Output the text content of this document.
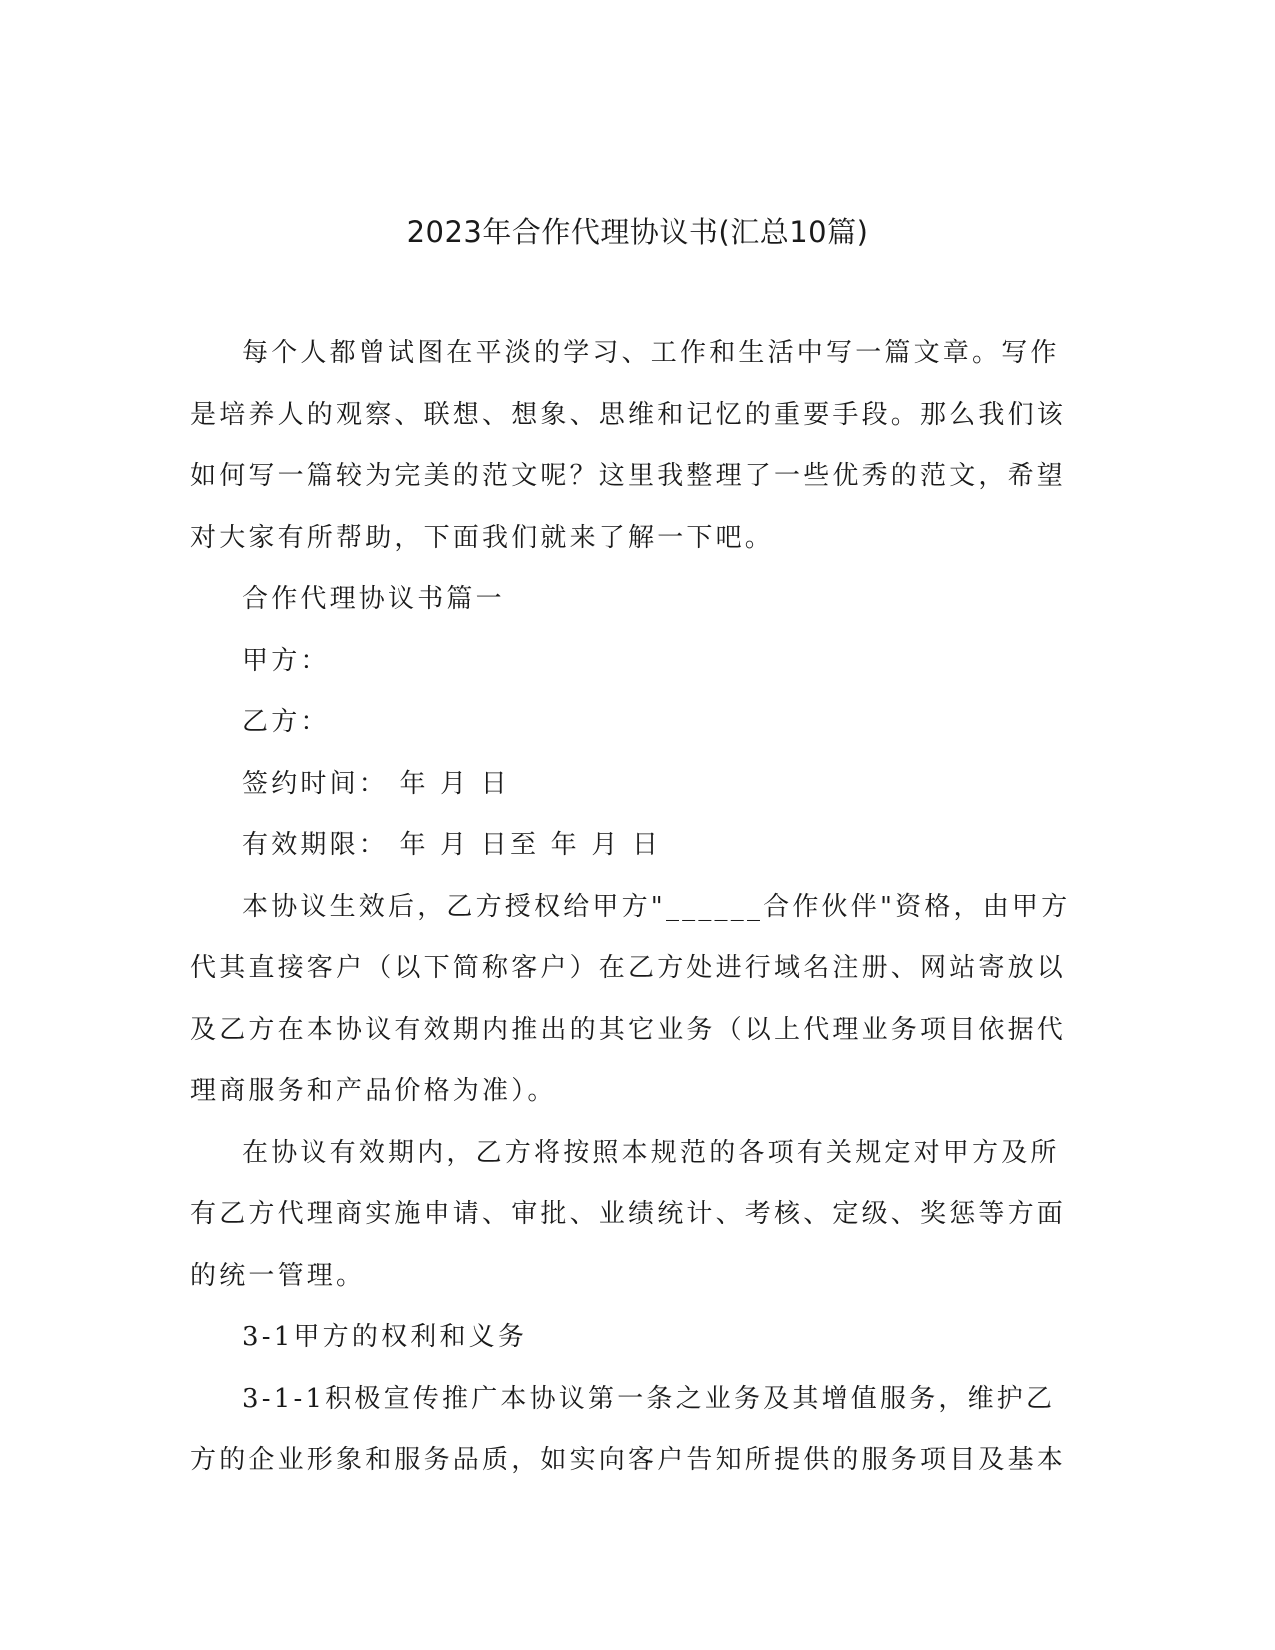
2023年合作代理协议书(汇总10篇)

每个人都曾试图在平淡的学习、工作和生活中写一篇文章。写作是培养人的观察、联想、想象、思维和记忆的重要手段。那么我们该如何写一篇较为完美的范文呢？这里我整理了一些优秀的范文，希望对大家有所帮助，下面我们就来了解一下吧。

合作代理协议书篇一

甲方：

乙方：

签约时间： 年 月 日

有效期限： 年 月 日至 年 月 日

本协议生效后，乙方授权给甲方"______合作伙伴"资格，由甲方代其直接客户（以下简称客户）在乙方处进行域名注册、网站寄放以及乙方在本协议有效期内推出的其它业务（以上代理业务项目依据代理商服务和产品价格为准）。

在协议有效期内，乙方将按照本规范的各项有关规定对甲方及所有乙方代理商实施申请、审批、业绩统计、考核、定级、奖惩等方面的统一管理。

3-1甲方的权利和义务

3-1-1积极宣传推广本协议第一条之业务及其增值服务，维护乙方的企业形象和服务品质，如实向客户告知所提供的服务项目及基本
